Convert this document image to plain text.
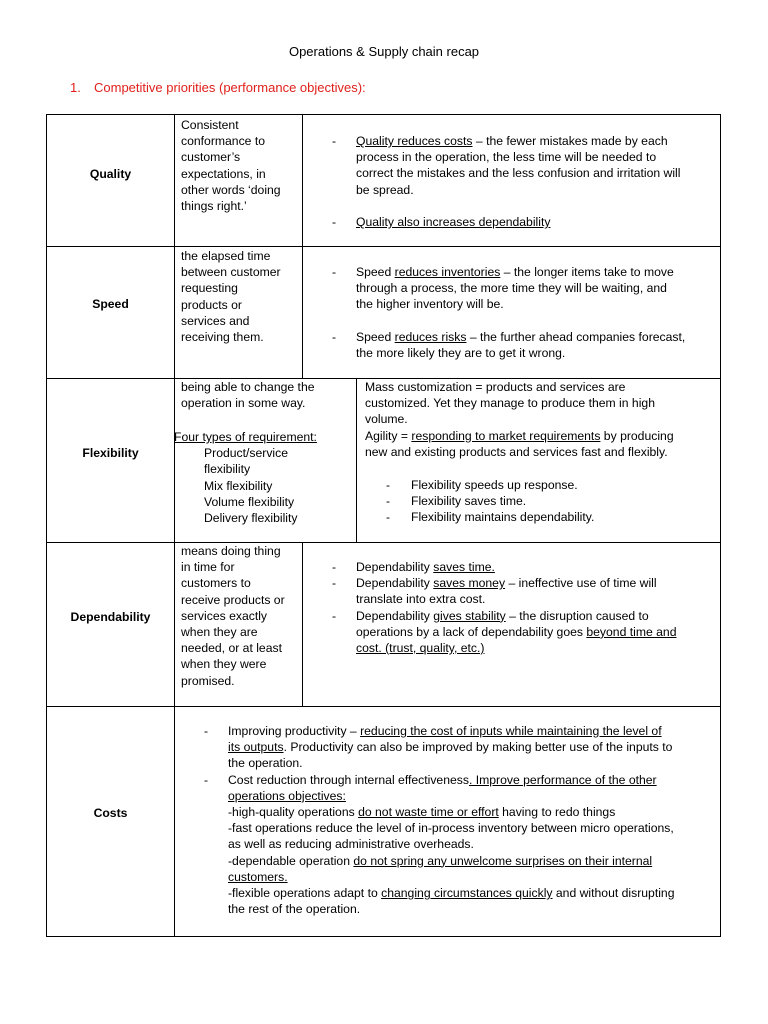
Operations & Supply chain recap
1. Competitive priorities (performance objectives):
Quality
Consistent
conformance to
customer’s
expectations, in
other words ‘doing
things right.’
- Quality reduces costs – the fewer mistakes made by each
process in the operation, the less time will be needed to
correct the mistakes and the less confusion and irritation will
be spread.
- Quality also increases dependability
Speed
the elapsed time
between customer
requesting
products or
services and
receiving them.
- Speed reduces inventories – the longer items take to move
through a process, the more time they will be waiting, and
the higher inventory will be.
- Speed reduces risks – the further ahead companies forecast,
the more likely they are to get it wrong.
Flexibility
being able to change the
operation in some way.
Four types of requirement:
Product/service
flexibility
Mix flexibility
Volume flexibility
Delivery flexibility
Mass customization = products and services are
customized. Yet they manage to produce them in high
volume.
Agility = responding to market requirements by producing
new and existing products and services fast and flexibly.
- Flexibility speeds up response.
- Flexibility saves time.
- Flexibility maintains dependability.
Dependability
means doing thing
in time for
customers to
receive products or
services exactly
when they are
needed, or at least
when they were
promised.
- Dependability saves time.
- Dependability saves money – ineffective use of time will
translate into extra cost.
- Dependability gives stability – the disruption caused to
operations by a lack of dependability goes beyond time and
cost. (trust, quality, etc.)
Costs
- Improving productivity – reducing the cost of inputs while maintaining the level of
its outputs. Productivity can also be improved by making better use of the inputs to
the operation.
- Cost reduction through internal effectiveness. Improve performance of the other
operations objectives:
-high-quality operations do not waste time or effort having to redo things
-fast operations reduce the level of in-process inventory between micro operations,
as well as reducing administrative overheads.
-dependable operation do not spring any unwelcome surprises on their internal
customers.
-flexible operations adapt to changing circumstances quickly and without disrupting
the rest of the operation.
